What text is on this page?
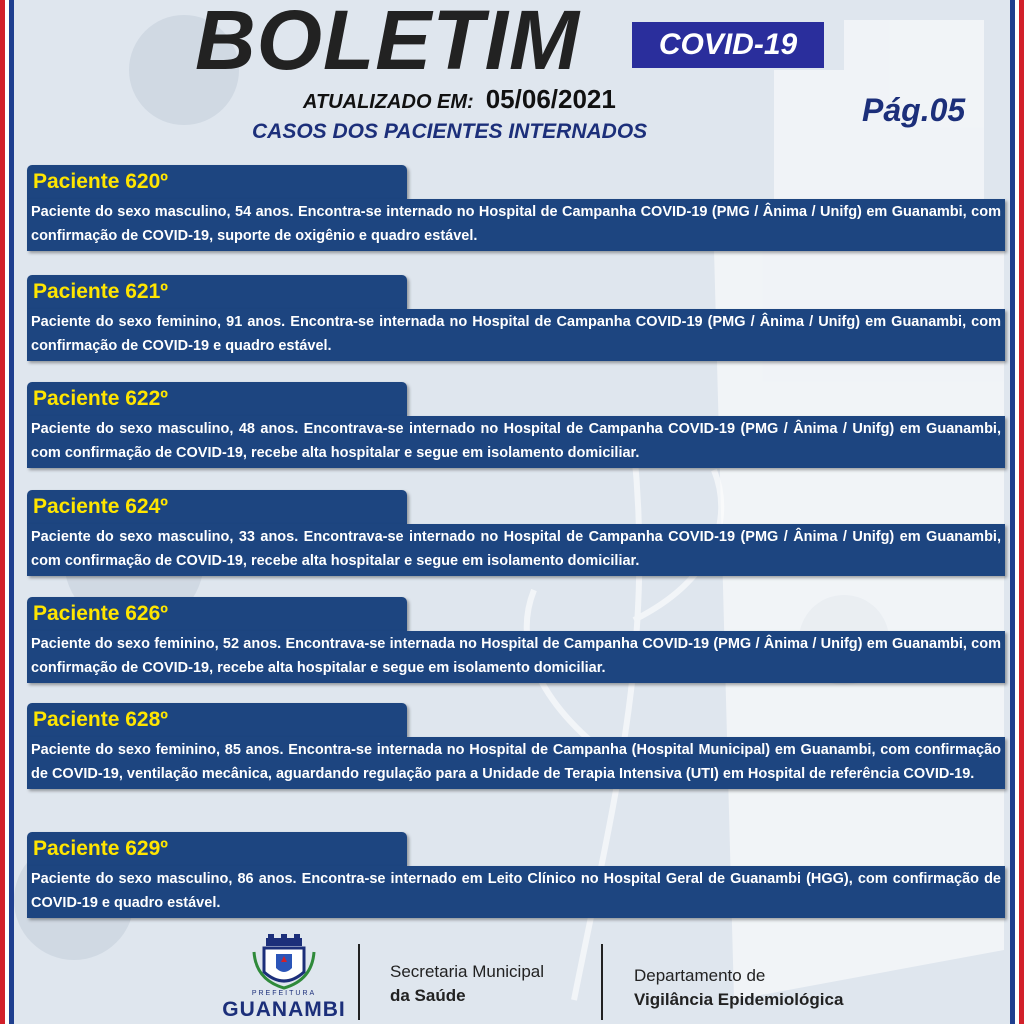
BOLETIM	COVID-19
ATUALIZADO EM: 05/06/2021
CASOS DOS PACIENTES INTERNADOS
Pág.05
Paciente 620º
Paciente do sexo masculino, 54 anos. Encontra-se internado no Hospital de Campanha COVID-19 (PMG / Ânima / Unifg) em Guanambi, com confirmação de COVID-19, suporte de oxigênio e quadro estável.
Paciente 621º
Paciente do sexo feminino, 91 anos. Encontra-se internada no Hospital de Campanha COVID-19 (PMG / Ânima / Unifg) em Guanambi, com confirmação de COVID-19 e quadro estável.
Paciente 622º
Paciente do sexo masculino, 48 anos. Encontrava-se internado no Hospital de Campanha COVID-19 (PMG / Ânima / Unifg) em Guanambi, com confirmação de COVID-19, recebe alta hospitalar e segue em isolamento domiciliar.
Paciente 624º
Paciente do sexo masculino, 33 anos. Encontrava-se internado no Hospital de Campanha COVID-19 (PMG / Ânima / Unifg) em Guanambi, com confirmação de COVID-19, recebe alta hospitalar e segue em isolamento domiciliar.
Paciente 626º
Paciente do sexo feminino, 52 anos. Encontrava-se internada no Hospital de Campanha COVID-19 (PMG / Ânima / Unifg) em Guanambi, com confirmação de COVID-19, recebe alta hospitalar e segue em isolamento domiciliar.
Paciente 628º
Paciente do sexo feminino, 85 anos. Encontra-se internada no Hospital de Campanha (Hospital Municipal) em Guanambi, com confirmação de COVID-19, ventilação mecânica, aguardando regulação para a Unidade de Terapia Intensiva (UTI) em Hospital de referência COVID-19.
Paciente 629º
Paciente do sexo masculino, 86 anos. Encontra-se internado em Leito Clínico no Hospital Geral de Guanambi (HGG), com confirmação de COVID-19 e quadro estável.
PREFEITURA
GUANAMBI
Secretaria Municipal
da Saúde
Departamento de
Vigilância Epidemiológica
